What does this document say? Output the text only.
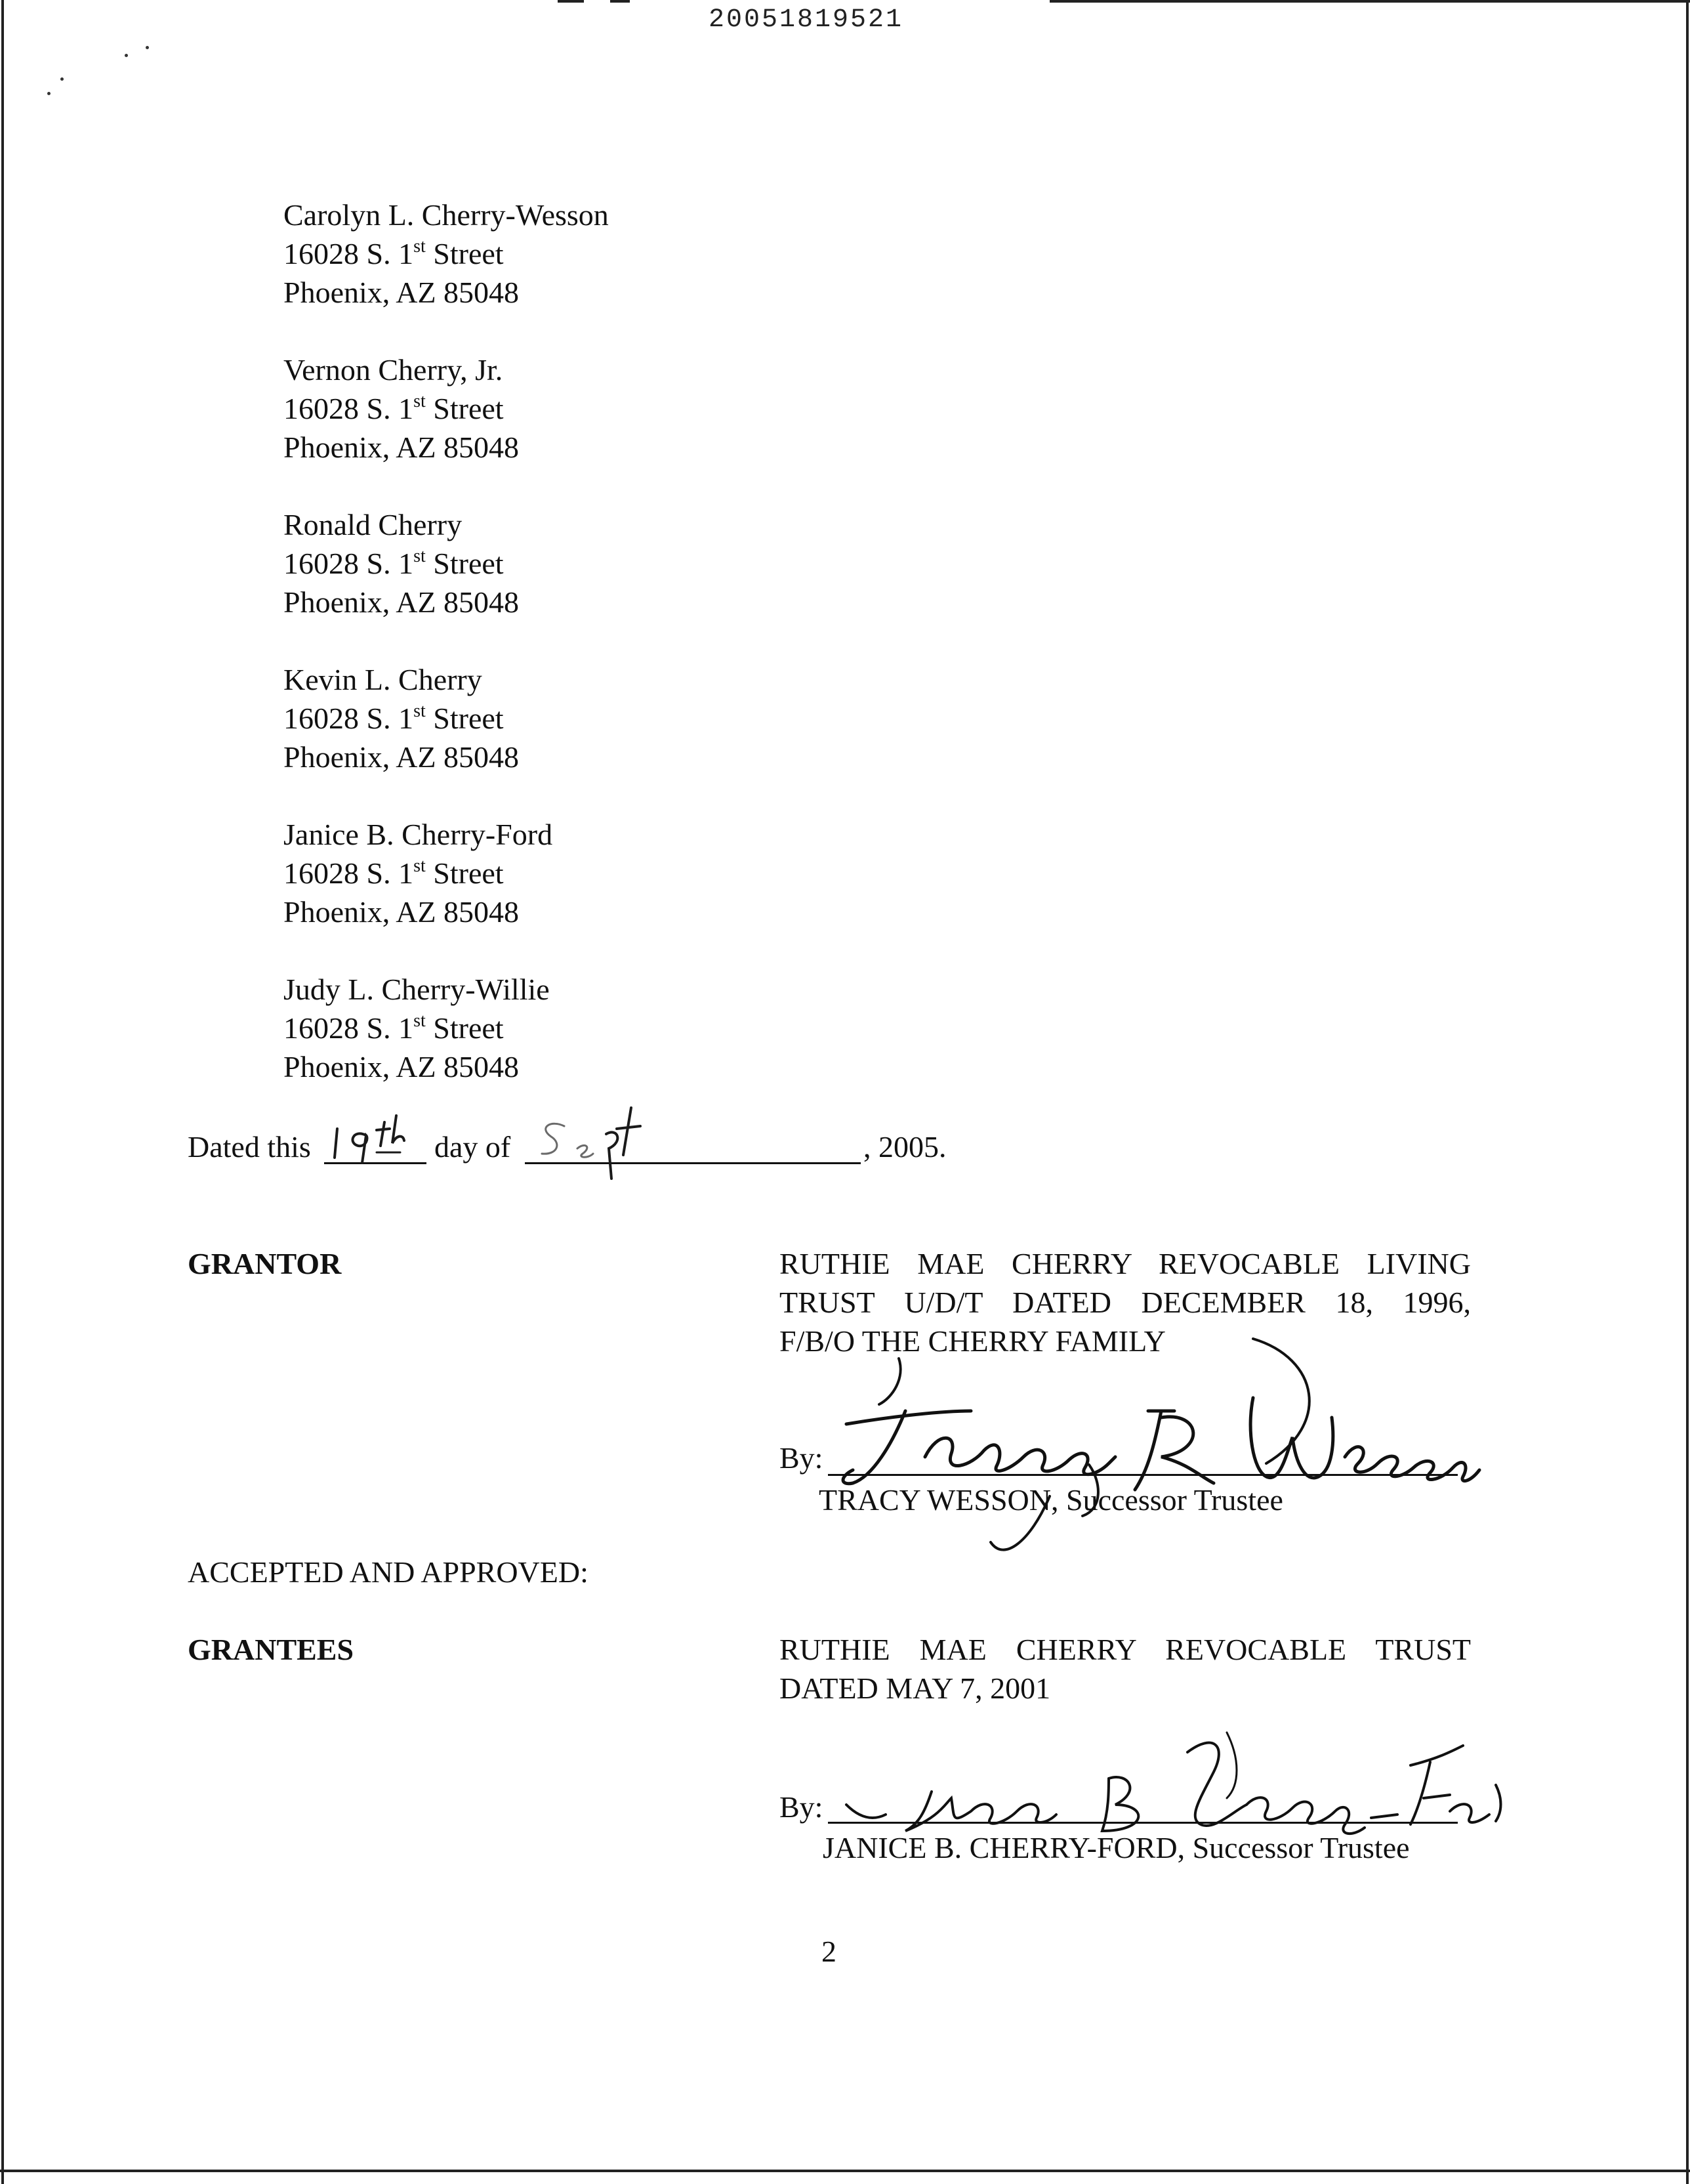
20051819521
Carolyn L. Cherry-Wesson
16028 S. 1st Street
Phoenix, AZ 85048
Vernon Cherry, Jr.
16028 S. 1st Street
Phoenix, AZ 85048
Ronald Cherry
16028 S. 1st Street
Phoenix, AZ 85048
Kevin L. Cherry
16028 S. 1st Street
Phoenix, AZ 85048
Janice B. Cherry-Ford
16028 S. 1st Street
Phoenix, AZ 85048
Judy L. Cherry-Willie
16028 S. 1st Street
Phoenix, AZ 85048
Dated this	day of	, 2005.
GRANTOR	RUTHIE MAE CHERRY REVOCABLE LIVING
TRUST U/D/T DATED DECEMBER 18, 1996,
F/B/O THE CHERRY FAMILY
By:
TRACY WESSON, Successor Trustee
ACCEPTED AND APPROVED:
GRANTEES	RUTHIE MAE CHERRY REVOCABLE TRUST
DATED MAY 7, 2001
By:
JANICE B. CHERRY-FORD, Successor Trustee
2
